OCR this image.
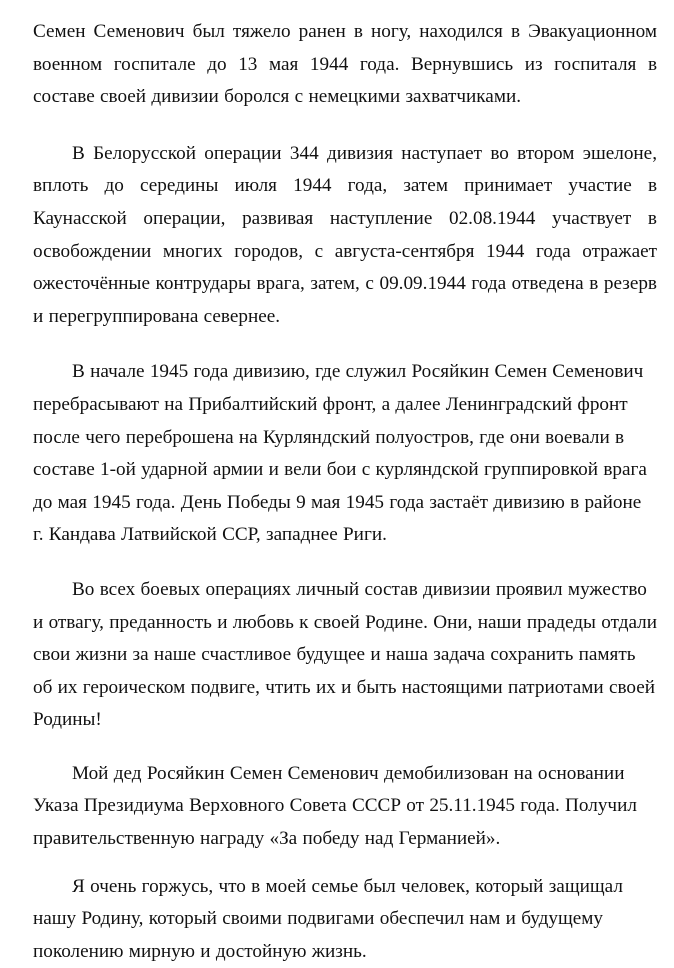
Семен Семенович был тяжело ранен в ногу, находился в Эвакуационном военном госпитале до 13 мая 1944 года. Вернувшись из госпиталя в составе своей дивизии боролся с немецкими захватчиками.

В Белорусской операции 344 дивизия наступает во втором эшелоне, вплоть до середины июля 1944 года, затем принимает участие в Каунасской операции, развивая наступление 02.08.1944 участвует в освобождении многих городов, с августа-сентября 1944 года отражает ожесточённые контрудары врага, затем, с 09.09.1944 года отведена в резерв и перегруппирована севернее.

В начале 1945 года дивизию, где служил Росяйкин Семен Семенович перебрасывают на Прибалтийский фронт, а далее Ленинградский фронт после чего переброшена на Курляндский полуостров, где они воевали в составе 1-ой ударной армии и вели бои с курляндской группировкой врага до мая 1945 года. День Победы 9 мая 1945 года застаёт дивизию в районе г. Кандава Латвийской ССР, западнее Риги.

Во всех боевых операциях личный состав дивизии проявил мужество и отвагу, преданность и любовь к своей Родине. Они, наши прадеды отдали свои жизни за наше счастливое будущее и наша задача сохранить память об их героическом подвиге, чтить их и быть настоящими патриотами своей Родины!

Мой дед Росяйкин Семен Семенович демобилизован на основании Указа Президиума Верховного Совета СССР от 25.11.1945 года. Получил правительственную награду «За победу над Германией».

Я очень горжусь, что в моей семье был человек, который защищал нашу Родину, который своими подвигами обеспечил нам и будущему поколению мирную и достойную жизнь.
